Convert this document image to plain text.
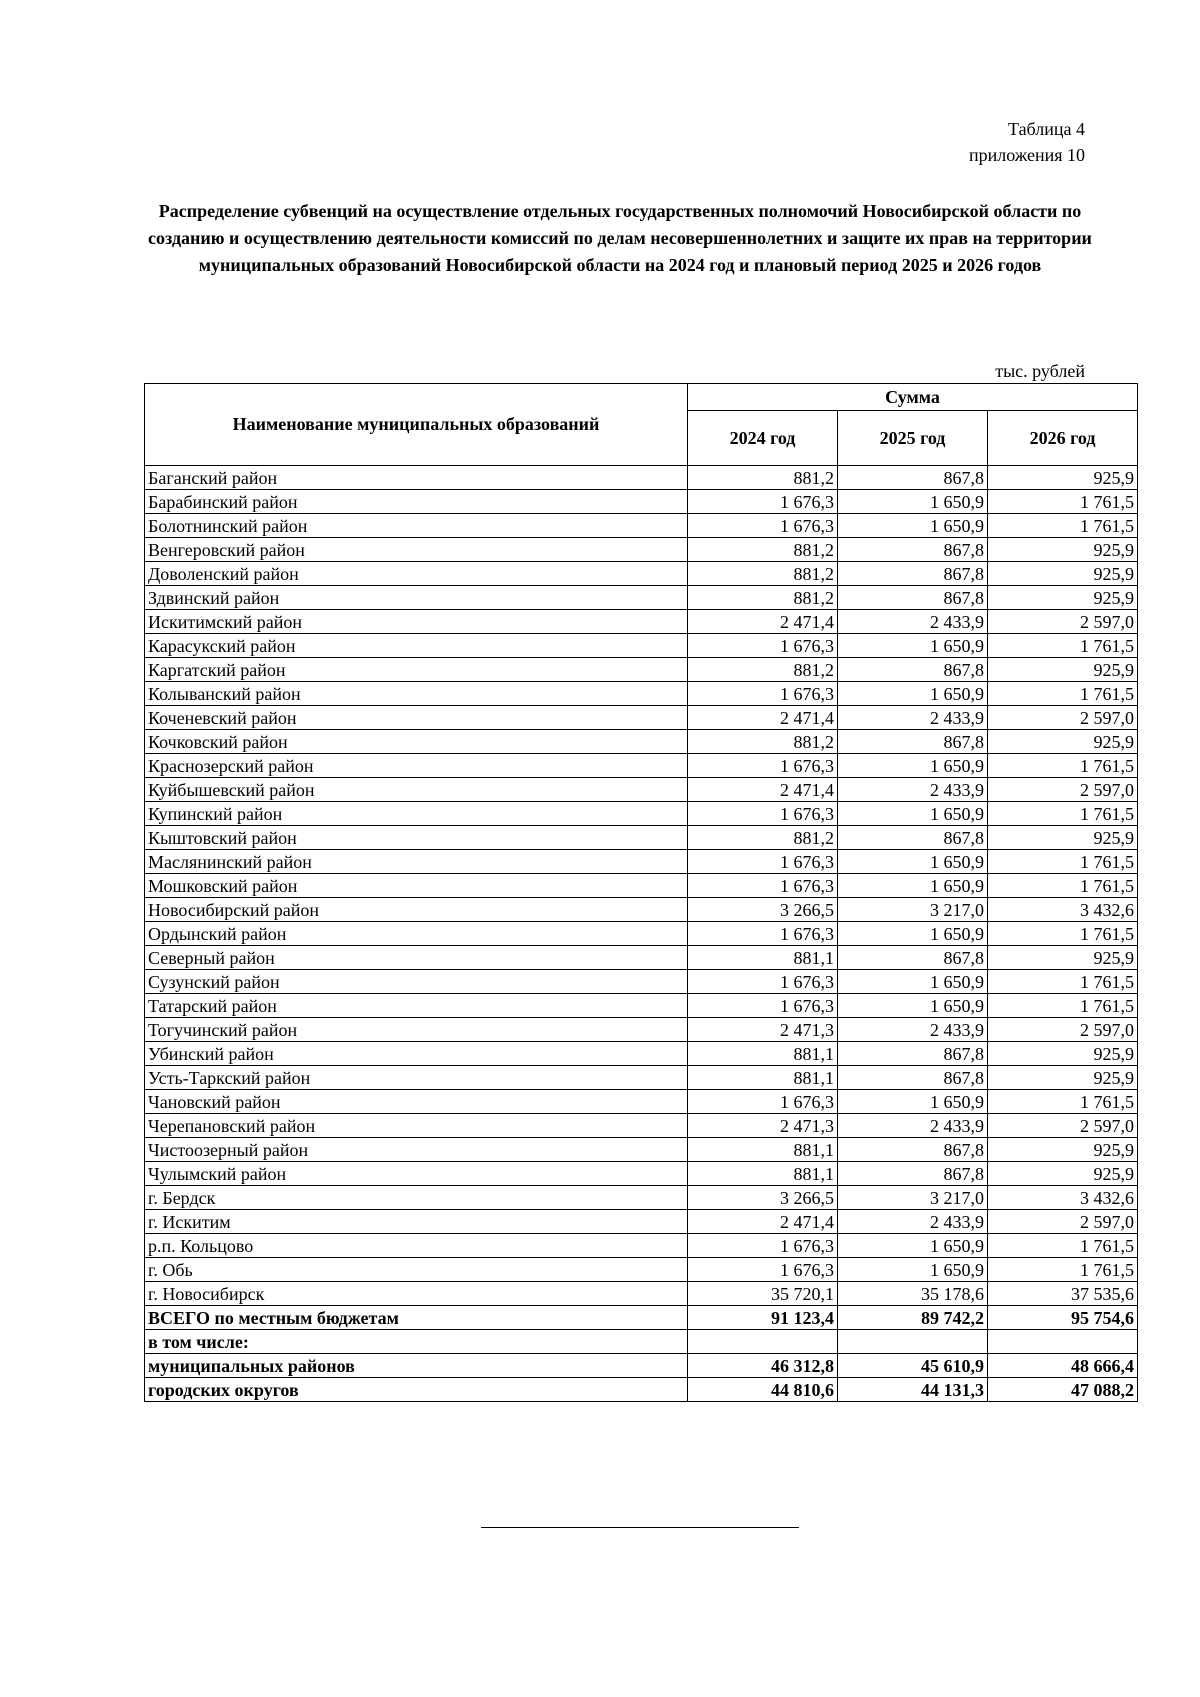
Таблица 4
приложения 10
Распределение субвенций на осуществление отдельных государственных полномочий Новосибирской области по созданию и осуществлению деятельности комиссий по делам несовершеннолетних и защите их прав на территории муниципальных образований Новосибирской области на 2024 год и плановый период 2025 и 2026 годов
тыс. рублей
Наименование муниципальных образований	Сумма		
	2024 год	2025 год	2026 год
Баганский район	881,2	867,8	925,9
Барабинский район	1 676,3	1 650,9	1 761,5
Болотнинский район	1 676,3	1 650,9	1 761,5
Венгеровский район	881,2	867,8	925,9
Доволенский район	881,2	867,8	925,9
Здвинский район	881,2	867,8	925,9
Искитимский район	2 471,4	2 433,9	2 597,0
Карасукский район	1 676,3	1 650,9	1 761,5
Каргатский район	881,2	867,8	925,9
Колыванский район	1 676,3	1 650,9	1 761,5
Коченевский район	2 471,4	2 433,9	2 597,0
Кочковский район	881,2	867,8	925,9
Краснозерский район	1 676,3	1 650,9	1 761,5
Куйбышевский район	2 471,4	2 433,9	2 597,0
Купинский район	1 676,3	1 650,9	1 761,5
Кыштовский район	881,2	867,8	925,9
Маслянинский район	1 676,3	1 650,9	1 761,5
Мошковский район	1 676,3	1 650,9	1 761,5
Новосибирский район	3 266,5	3 217,0	3 432,6
Ордынский район	1 676,3	1 650,9	1 761,5
Северный район	881,1	867,8	925,9
Сузунский район	1 676,3	1 650,9	1 761,5
Татарский район	1 676,3	1 650,9	1 761,5
Тогучинский район	2 471,3	2 433,9	2 597,0
Убинский район	881,1	867,8	925,9
Усть-Таркский район	881,1	867,8	925,9
Чановский район	1 676,3	1 650,9	1 761,5
Черепановский район	2 471,3	2 433,9	2 597,0
Чистоозерный район	881,1	867,8	925,9
Чулымский район	881,1	867,8	925,9
г. Бердск	3 266,5	3 217,0	3 432,6
г. Искитим	2 471,4	2 433,9	2 597,0
р.п. Кольцово	1 676,3	1 650,9	1 761,5
г. Обь	1 676,3	1 650,9	1 761,5
г. Новосибирск	35 720,1	35 178,6	37 535,6
ВСЕГО по местным бюджетам	91 123,4	89 742,2	95 754,6
в том числе:			
муниципальных районов	46 312,8	45 610,9	48 666,4
городских округов	44 810,6	44 131,3	47 088,2
